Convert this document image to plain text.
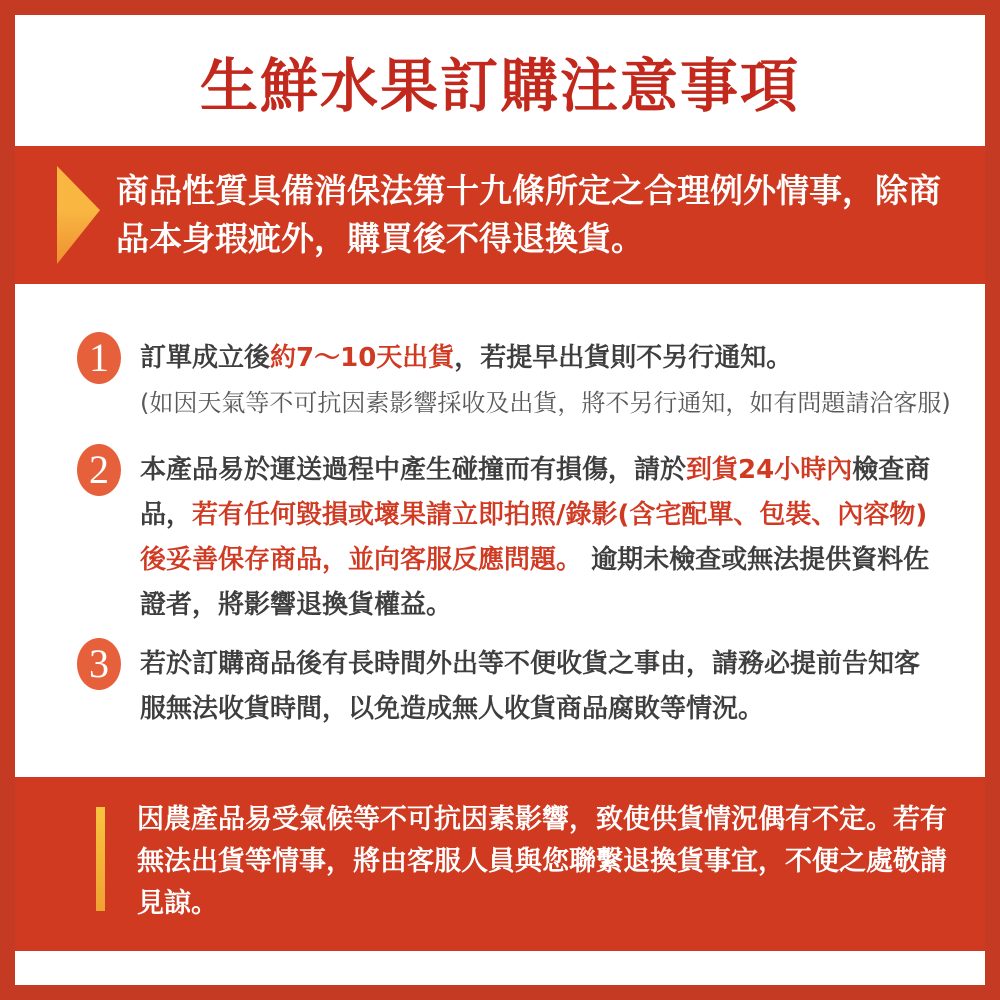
生鮮水果訂購注意事項
商品性質具備消保法第十九條所定之合理例外情事，除商
品本身瑕疵外，購買後不得退換貨。
1	訂單成立後約7～10天出貨，若提早出貨則不另行通知。
(如因天氣等不可抗因素影響採收及出貨，將不另行通知，如有問題請洽客服)
2	本產品易於運送過程中產生碰撞而有損傷，請於到貨24小時內檢查商
品，若有任何毀損或壞果請立即拍照/錄影(含宅配單、包裝、內容物)
後妥善保存商品，並向客服反應問題。 逾期未檢查或無法提供資料佐
證者，將影響退換貨權益。
3	若於訂購商品後有長時間外出等不便收貨之事由，請務必提前告知客
服無法收貨時間，以免造成無人收貨商品腐敗等情況。
因農產品易受氣候等不可抗因素影響，致使供貨情況偶有不定。若有
無法出貨等情事，將由客服人員與您聯繫退換貨事宜，不便之處敬請
見諒。
